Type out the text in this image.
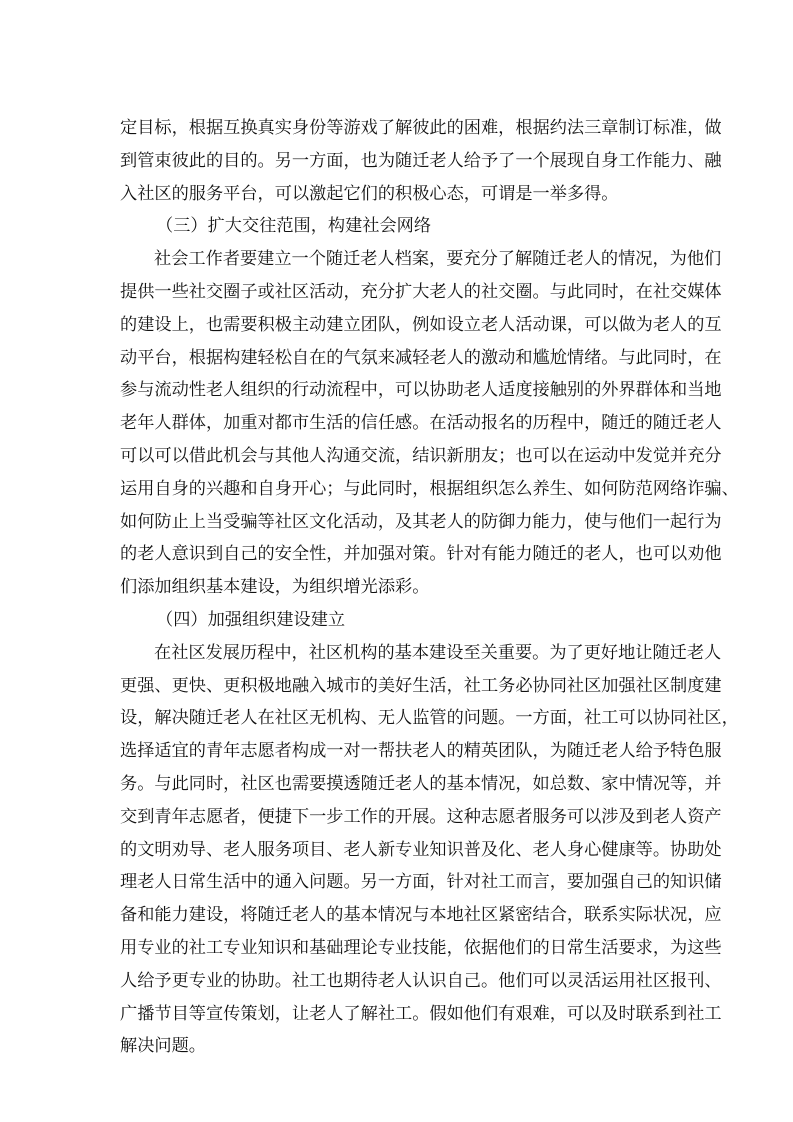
定目标，根据互换真实身份等游戏了解彼此的困难，根据约法三章制订标准，做
到管束彼此的目的。另一方面，也为随迁老人给予了一个展现自身工作能力、融
入社区的服务平台，可以激起它们的积极心态，可谓是一举多得。
（三）扩大交往范围，构建社会网络
社会工作者要建立一个随迁老人档案，要充分了解随迁老人的情况，为他们
提供一些社交圈子或社区活动，充分扩大老人的社交圈。与此同时，在社交媒体
的建设上，也需要积极主动建立团队，例如设立老人活动课，可以做为老人的互
动平台，根据构建轻松自在的气氛来减轻老人的激动和尴尬情绪。与此同时，在
参与流动性老人组织的行动流程中，可以协助老人适度接触别的外界群体和当地
老年人群体，加重对都市生活的信任感。在活动报名的历程中，随迁的随迁老人
可以可以借此机会与其他人沟通交流，结识新朋友；也可以在运动中发觉并充分
运用自身的兴趣和自身开心；与此同时，根据组织怎么养生、如何防范网络诈骗、
如何防止上当受骗等社区文化活动，及其老人的防御力能力，使与他们一起行为
的老人意识到自己的安全性，并加强对策。针对有能力随迁的老人，也可以劝他
们添加组织基本建设，为组织增光添彩。
（四）加强组织建设建立
在社区发展历程中，社区机构的基本建设至关重要。为了更好地让随迁老人
更强、更快、更积极地融入城市的美好生活，社工务必协同社区加强社区制度建
设，解决随迁老人在社区无机构、无人监管的问题。一方面，社工可以协同社区，
选择适宜的青年志愿者构成一对一帮扶老人的精英团队，为随迁老人给予特色服
务。与此同时，社区也需要摸透随迁老人的基本情况，如总数、家中情况等，并
交到青年志愿者，便捷下一步工作的开展。这种志愿者服务可以涉及到老人资产
的文明劝导、老人服务项目、老人新专业知识普及化、老人身心健康等。协助处
理老人日常生活中的通入问题。另一方面，针对社工而言，要加强自己的知识储
备和能力建设，将随迁老人的基本情况与本地社区紧密结合，联系实际状况，应
用专业的社工专业知识和基础理论专业技能，依据他们的日常生活要求，为这些
人给予更专业的协助。社工也期待老人认识自己。他们可以灵活运用社区报刊、
广播节目等宣传策划，让老人了解社工。假如他们有艰难，可以及时联系到社工
解决问题。
